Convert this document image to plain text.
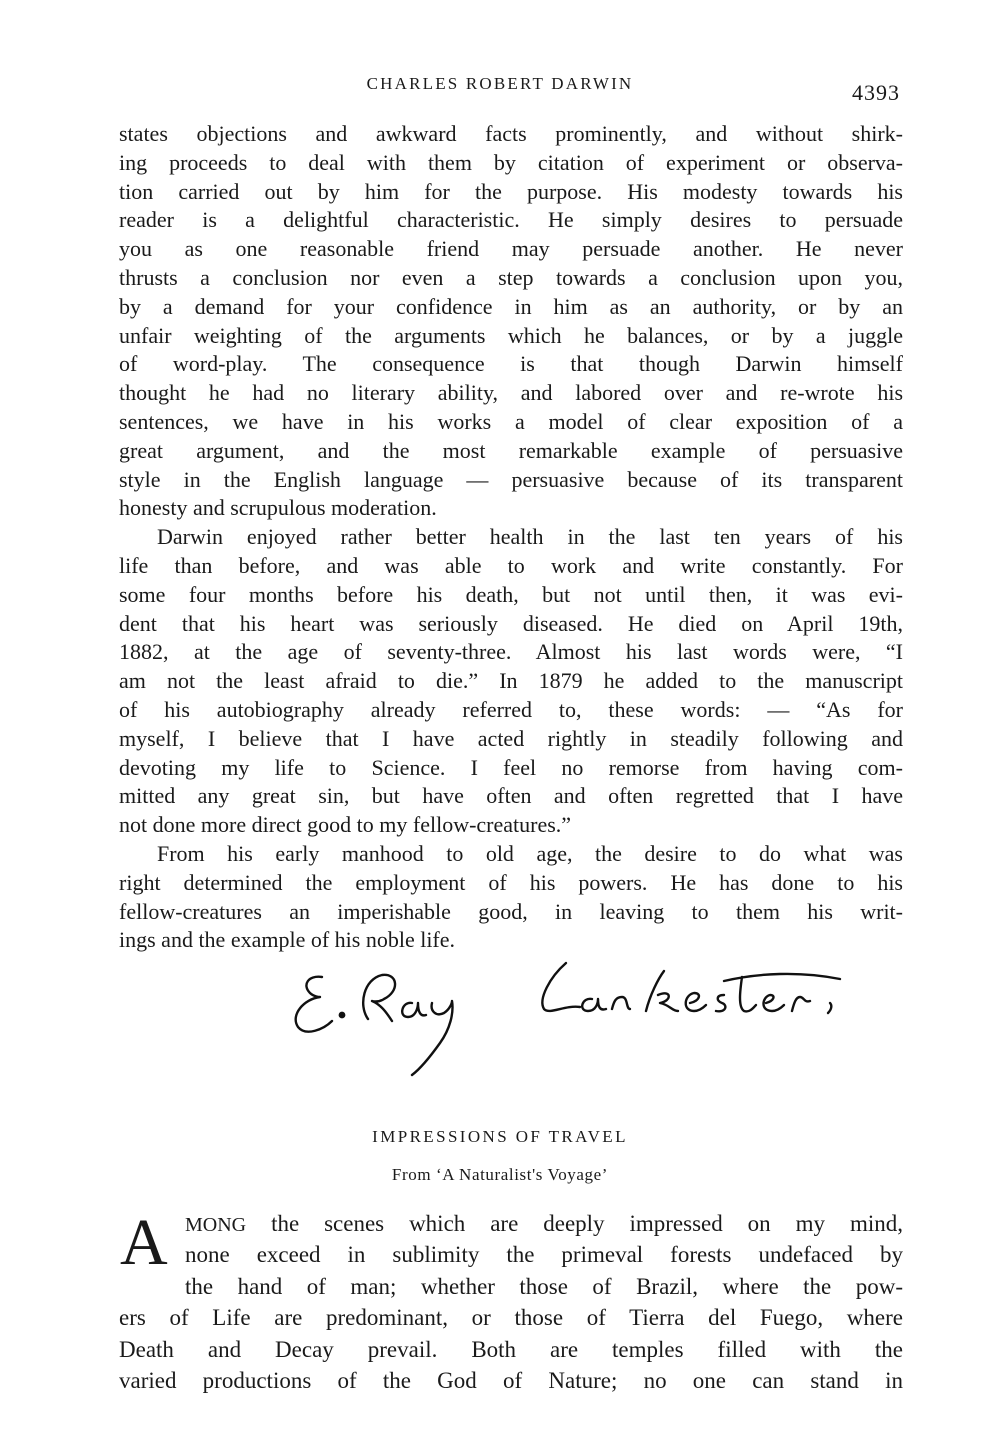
CHARLES ROBERT DARWIN	4393
states objections and awkward facts prominently, and without shirk-
ing proceeds to deal with them by citation of experiment or observa-
tion carried out by him for the purpose. His modesty towards his
reader is a delightful characteristic. He simply desires to persuade
you as one reasonable friend may persuade another. He never
thrusts a conclusion nor even a step towards a conclusion upon you,
by a demand for your confidence in him as an authority, or by an
unfair weighting of the arguments which he balances, or by a juggle
of word-play. The consequence is that though Darwin himself
thought he had no literary ability, and labored over and re-wrote his
sentences, we have in his works a model of clear exposition of a
great argument, and the most remarkable example of persuasive
style in the English language — persuasive because of its transparent
honesty and scrupulous moderation.
Darwin enjoyed rather better health in the last ten years of his
life than before, and was able to work and write constantly. For
some four months before his death, but not until then, it was evi-
dent that his heart was seriously diseased. He died on April 19th,
1882, at the age of seventy-three. Almost his last words were, “I
am not the least afraid to die.” In 1879 he added to the manuscript
of his autobiography already referred to, these words: — “As for
myself, I believe that I have acted rightly in steadily following and
devoting my life to Science. I feel no remorse from having com-
mitted any great sin, but have often and often regretted that I have
not done more direct good to my fellow-creatures.”
From his early manhood to old age, the desire to do what was
right determined the employment of his powers. He has done to his
fellow-creatures an imperishable good, in leaving to them his writ-
ings and the example of his noble life.
IMPRESSIONS OF TRAVEL
From ‘A Naturalist's Voyage’
A MONG the scenes which are deeply impressed on my mind,
none exceed in sublimity the primeval forests undefaced by
the hand of man; whether those of Brazil, where the pow-
ers of Life are predominant, or those of Tierra del Fuego, where
Death and Decay prevail. Both are temples filled with the
varied productions of the God of Nature; no one can stand in
